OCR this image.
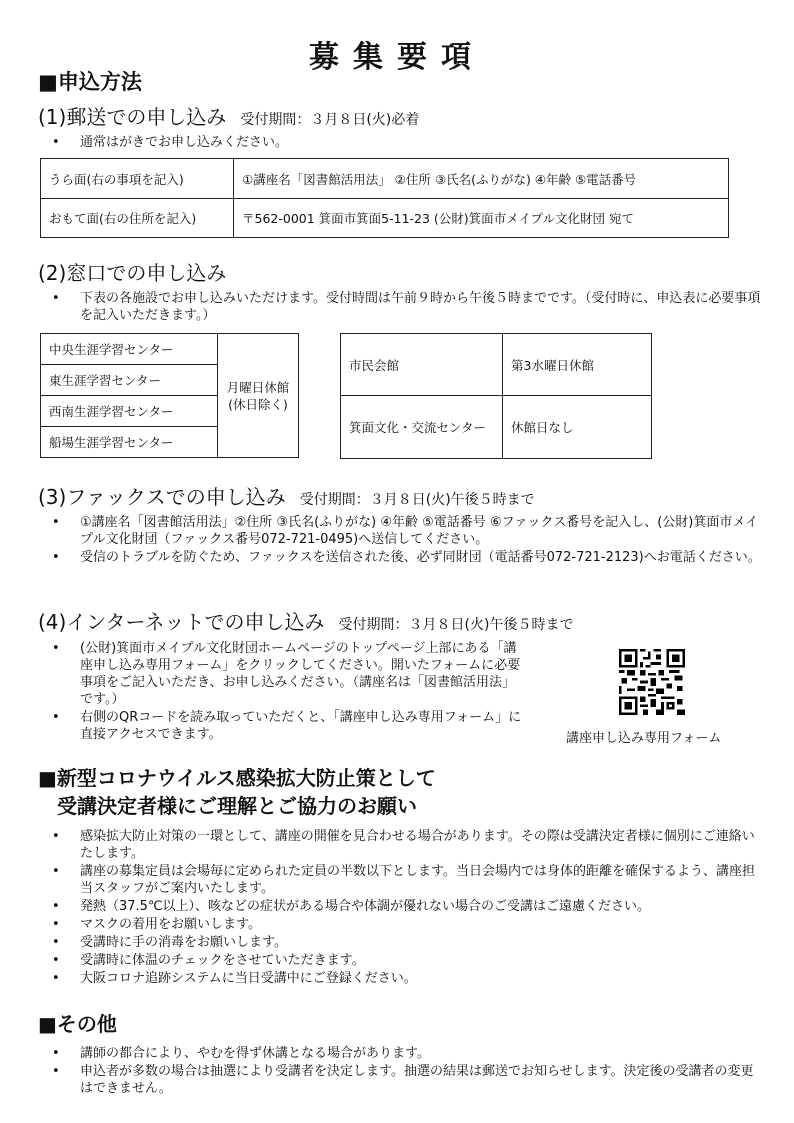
募集要項
■申込方法
(1)郵送での申し込み 受付期間：３月８日(火)必着
• 通常はがきでお申し込みください。
うら面(右の事項を記入)	①講座名「図書館活用法」 ②住所 ③氏名(ふりがな) ④年齢 ⑤電話番号
おもて面(右の住所を記入)	〒562-0001 箕面市箕面5-11-23 (公財)箕面市メイプル文化財団 宛て
(2)窓口での申し込み
• 下表の各施設でお申し込みいただけます。受付時間は午前９時から午後５時までです。（受付時に、申込表に必要事項を記入いただきます。）
中央生涯学習センター	月曜日休館
(休日除く)
東生涯学習センター
西南生涯学習センター
船場生涯学習センター
市民会館	第3水曜日休館
箕面文化・交流センター	休館日なし
(3)ファックスでの申し込み 受付期間：３月８日(火)午後５時まで
• ①講座名「図書館活用法」②住所 ③氏名(ふりがな) ④年齢 ⑤電話番号 ⑥ファックス番号を記入し、(公財)箕面市メイプル文化財団（ファックス番号072-721-0495)へ送信してください。
• 受信のトラブルを防ぐため、ファックスを送信された後、必ず同財団（電話番号072-721-2123)へお電話ください。
(4)インターネットでの申し込み 受付期間：３月８日(火)午後５時まで
• (公財)箕面市メイプル文化財団ホームページのトップページ上部にある「講座申し込み専用フォーム」をクリックしてください。開いたフォームに必要事項をご記入いただき、お申し込みください。（講座名は「図書館活用法」です。）
• 右側のQRコードを読み取っていただくと、「講座申し込み専用フォーム」に直接アクセスできます。	講座申し込み専用フォーム
■新型コロナウイルス感染拡大防止策として
受講決定者様にご理解とご協力のお願い
• 感染拡大防止対策の一環として、講座の開催を見合わせる場合があります。その際は受講決定者様に個別にご連絡いたします。
• 講座の募集定員は会場毎に定められた定員の半数以下とします。当日会場内では身体的距離を確保するよう、講座担当スタッフがご案内いたします。
• 発熱（37.5℃以上）、咳などの症状がある場合や体調が優れない場合のご受講はご遠慮ください。
• マスクの着用をお願いします。
• 受講時に手の消毒をお願いします。
• 受講時に体温のチェックをさせていただきます。
• 大阪コロナ追跡システムに当日受講中にご登録ください。
■その他
• 講師の都合により、やむを得ず休講となる場合があります。
• 申込者が多数の場合は抽選により受講者を決定します。抽選の結果は郵送でお知らせします。決定後の受講者の変更はできません。
